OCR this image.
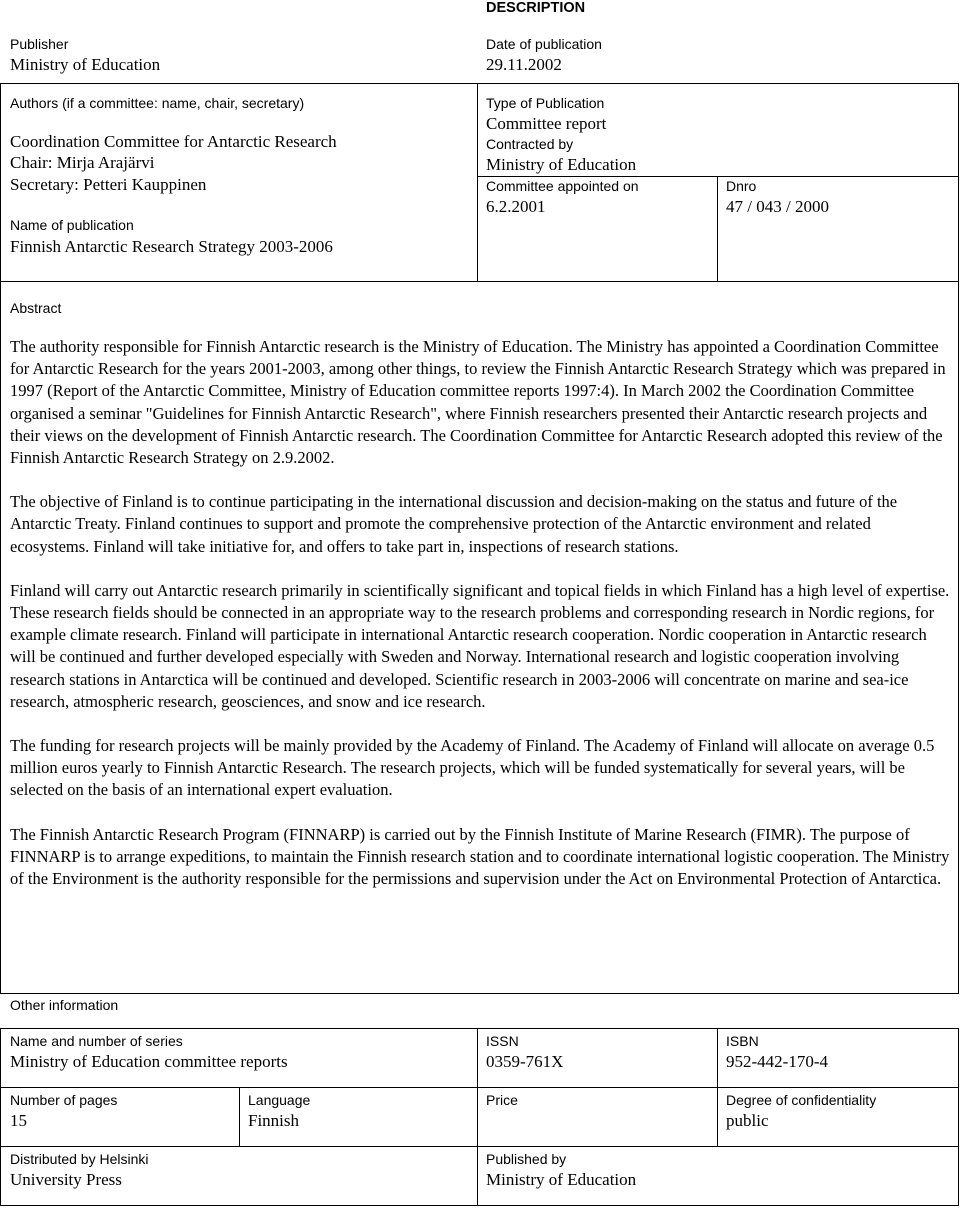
DESCRIPTION
Publisher
Ministry of Education
Date of publication
29.11.2002
Authors (if a committee: name, chair, secretary)
Coordination Committee for Antarctic Research
Chair: Mirja Arajärvi
Secretary: Petteri Kauppinen
Name of publication
Finnish Antarctic Research Strategy 2003-2006
Type of Publication
Committee report
Contracted by
Ministry of Education
Committee appointed on
6.2.2001
Dnro
47 / 043 / 2000
Abstract

The authority responsible for Finnish Antarctic research is the Ministry of Education. The Ministry has appointed a Coordination Committee for Antarctic Research for the years 2001-2003, among other things, to review the Finnish Antarctic Research Strategy which was prepared in 1997 (Report of the Antarctic Committee, Ministry of Education committee reports 1997:4). In March 2002 the Coordination Committee organised a seminar "Guidelines for Finnish Antarctic Research", where Finnish researchers presented their Antarctic research projects and their views on the development of Finnish Antarctic research. The Coordination Committee for Antarctic Research adopted this review of the Finnish Antarctic Research Strategy on 2.9.2002.

The objective of Finland is to continue participating in the international discussion and decision-making on the status and future of the Antarctic Treaty. Finland continues to support and promote the comprehensive protection of the Antarctic environment and related ecosystems. Finland will take initiative for, and offers to take part in, inspections of research stations.

Finland will carry out Antarctic research primarily in scientifically significant and topical fields in which Finland has a high level of expertise. These research fields should be connected in an appropriate way to the research problems and corresponding research in Nordic regions, for example climate research. Finland will participate in international Antarctic research cooperation. Nordic cooperation in Antarctic research will be continued and further developed especially with Sweden and Norway. International research and logistic cooperation involving research stations in Antarctica will be continued and developed. Scientific research in 2003-2006 will concentrate on marine and sea-ice research, atmospheric research, geosciences, and snow and ice research.

The funding for research projects will be mainly provided by the Academy of Finland. The Academy of Finland will allocate on average 0.5 million euros yearly to Finnish Antarctic Research. The research projects, which will be funded systematically for several years, will be selected on the basis of an international expert evaluation.

The Finnish Antarctic Research Program (FINNARP) is carried out by the Finnish Institute of Marine Research (FIMR). The purpose of FINNARP is to arrange expeditions, to maintain the Finnish research station and to coordinate international logistic cooperation. The Ministry of the Environment is the authority responsible for the permissions and supervision under the Act on Environmental Protection of Antarctica.

Other information
Name and number of series
Ministry of Education committee reports
ISSN
0359-761X
ISBN
952-442-170-4
Number of pages
15
Language
Finnish
Price	Degree of confidentiality
public
Distributed by Helsinki
University Press
Published by
Ministry of Education
